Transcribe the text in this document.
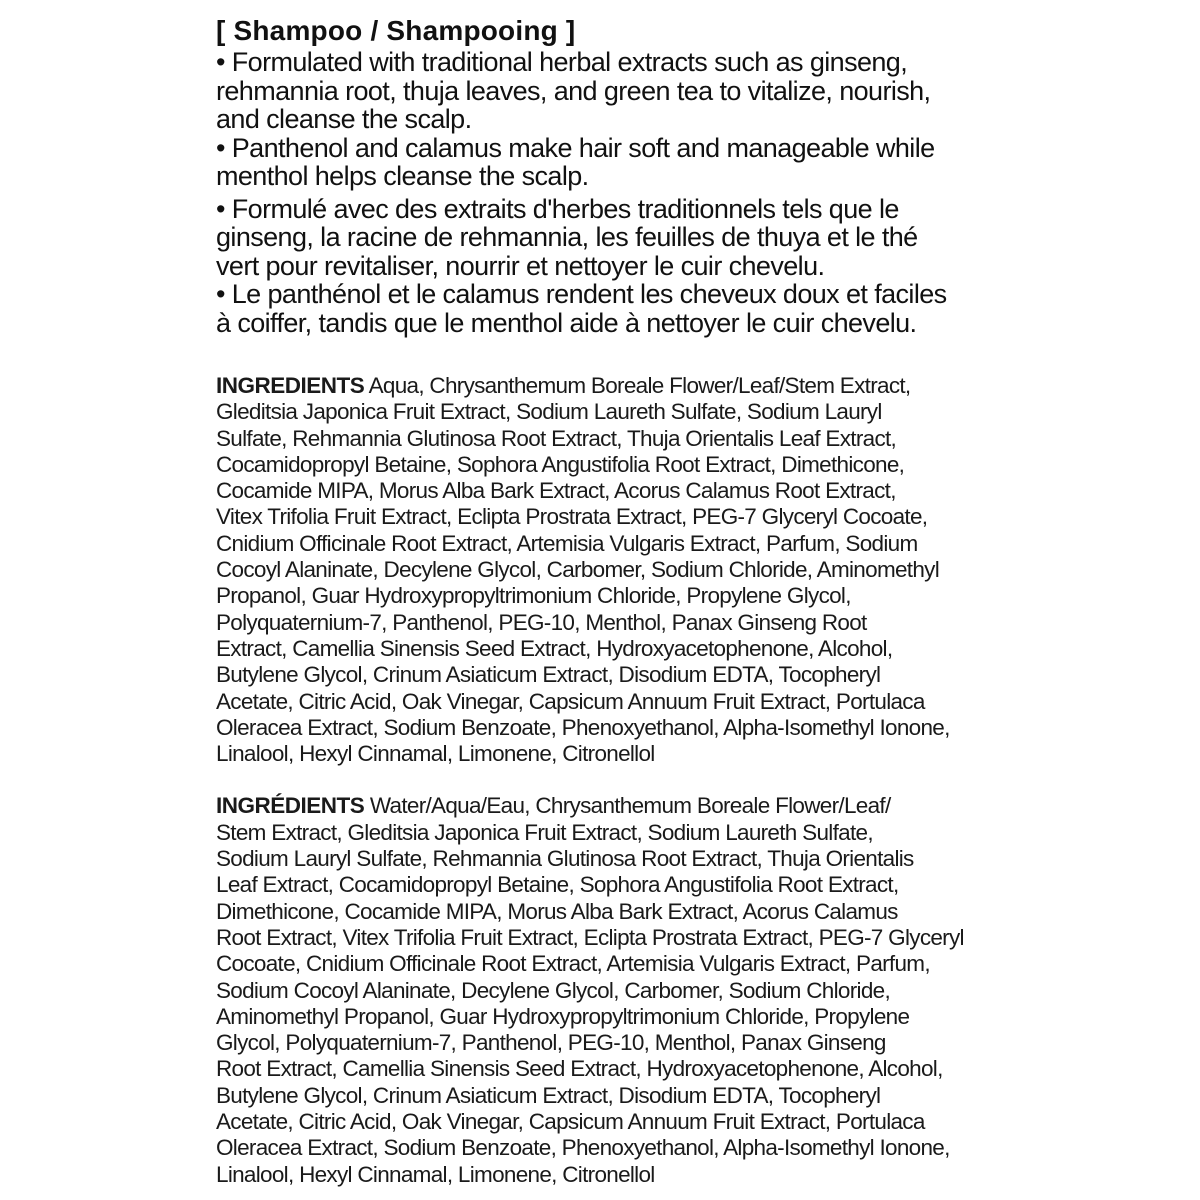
[ Shampoo / Shampooing ]

• Formulated with traditional herbal extracts such as ginseng,
rehmannia root, thuja leaves, and green tea to vitalize, nourish,
and cleanse the scalp.

• Panthenol and calamus make hair soft and manageable while
menthol helps cleanse the scalp.

• Formulé avec des extraits d'herbes traditionnels tels que le
ginseng, la racine de rehmannia, les feuilles de thuya et le thé
vert pour revitaliser, nourrir et nettoyer le cuir chevelu.

• Le panthénol et le calamus rendent les cheveux doux et faciles
à coiffer, tandis que le menthol aide à nettoyer le cuir chevelu.

INGREDIENTS Aqua, Chrysanthemum Boreale Flower/Leaf/Stem Extract,
Gleditsia Japonica Fruit Extract, Sodium Laureth Sulfate, Sodium Lauryl
Sulfate, Rehmannia Glutinosa Root Extract, Thuja Orientalis Leaf Extract,
Cocamidopropyl Betaine, Sophora Angustifolia Root Extract, Dimethicone,
Cocamide MIPA, Morus Alba Bark Extract, Acorus Calamus Root Extract,
Vitex Trifolia Fruit Extract, Eclipta Prostrata Extract, PEG-7 Glyceryl Cocoate,
Cnidium Officinale Root Extract, Artemisia Vulgaris Extract, Parfum, Sodium
Cocoyl Alaninate, Decylene Glycol, Carbomer, Sodium Chloride, Aminomethyl
Propanol, Guar Hydroxypropyltrimonium Chloride, Propylene Glycol,
Polyquaternium-7, Panthenol, PEG-10, Menthol, Panax Ginseng Root
Extract, Camellia Sinensis Seed Extract, Hydroxyacetophenone, Alcohol,
Butylene Glycol, Crinum Asiaticum Extract, Disodium EDTA, Tocopheryl
Acetate, Citric Acid, Oak Vinegar, Capsicum Annuum Fruit Extract, Portulaca
Oleracea Extract, Sodium Benzoate, Phenoxyethanol, Alpha-Isomethyl Ionone,
Linalool, Hexyl Cinnamal, Limonene, Citronellol
INGRÉDIENTS Water/Aqua/Eau, Chrysanthemum Boreale Flower/Leaf/
Stem Extract, Gleditsia Japonica Fruit Extract, Sodium Laureth Sulfate,
Sodium Lauryl Sulfate, Rehmannia Glutinosa Root Extract, Thuja Orientalis
Leaf Extract, Cocamidopropyl Betaine, Sophora Angustifolia Root Extract,
Dimethicone, Cocamide MIPA, Morus Alba Bark Extract, Acorus Calamus
Root Extract, Vitex Trifolia Fruit Extract, Eclipta Prostrata Extract, PEG-7 Glyceryl
Cocoate, Cnidium Officinale Root Extract, Artemisia Vulgaris Extract, Parfum,
Sodium Cocoyl Alaninate, Decylene Glycol, Carbomer, Sodium Chloride,
Aminomethyl Propanol, Guar Hydroxypropyltrimonium Chloride, Propylene
Glycol, Polyquaternium-7, Panthenol, PEG-10, Menthol, Panax Ginseng
Root Extract, Camellia Sinensis Seed Extract, Hydroxyacetophenone, Alcohol,
Butylene Glycol, Crinum Asiaticum Extract, Disodium EDTA, Tocopheryl
Acetate, Citric Acid, Oak Vinegar, Capsicum Annuum Fruit Extract, Portulaca
Oleracea Extract, Sodium Benzoate, Phenoxyethanol, Alpha-Isomethyl Ionone,
Linalool, Hexyl Cinnamal, Limonene, Citronellol
